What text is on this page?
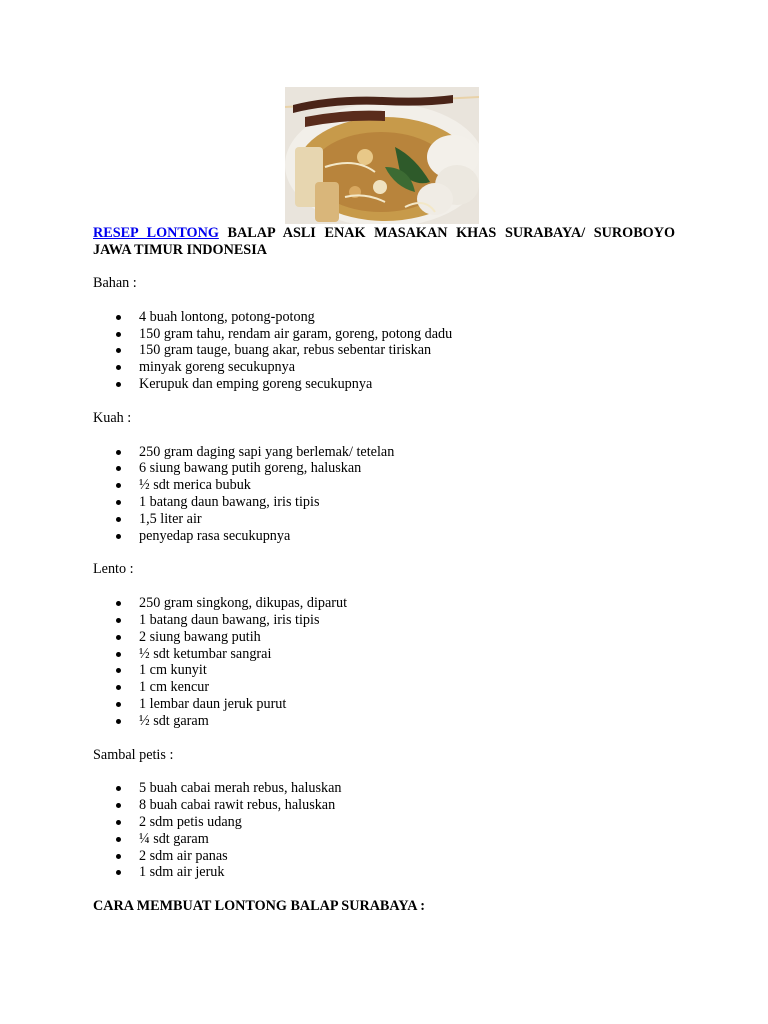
RESEP LONTONG BALAP ASLI ENAK MASAKAN KHAS SURABAYA/ SUROBOYO JAWA TIMUR INDONESIA

Bahan :
4 buah lontong, potong-potong
150 gram tahu, rendam air garam, goreng, potong dadu
150 gram tauge, buang akar, rebus sebentar tiriskan
minyak goreng secukupnya
Kerupuk dan emping goreng secukupnya
Kuah :
250 gram daging sapi yang berlemak/ tetelan
6 siung bawang putih goreng, haluskan
½ sdt merica bubuk
1 batang daun bawang, iris tipis
1,5 liter air
penyedap rasa secukupnya
Lento :
250 gram singkong, dikupas, diparut
1 batang daun bawang, iris tipis
2 siung bawang putih
½ sdt ketumbar sangrai
1 cm kunyit
1 cm kencur
1 lembar daun jeruk purut
½ sdt garam
Sambal petis :
5 buah cabai merah rebus, haluskan
8 buah cabai rawit rebus, haluskan
2 sdm petis udang
¼ sdt garam
2 sdm air panas
1 sdm air jeruk
CARA MEMBUAT LONTONG BALAP SURABAYA :
